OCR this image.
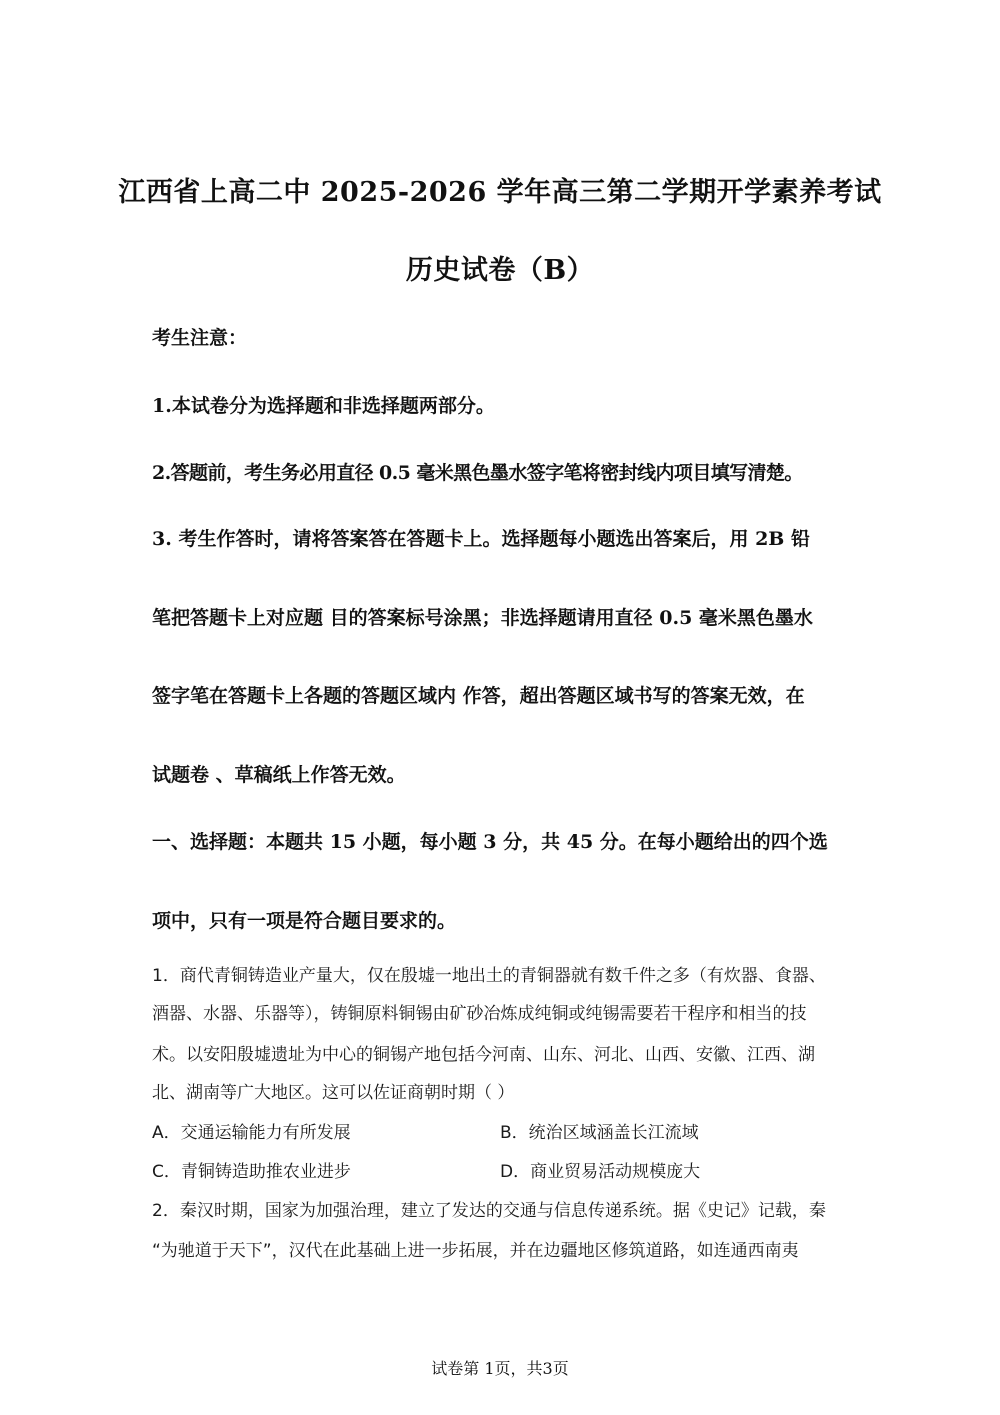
江西省上高二中 2025-2026 学年高三第二学期开学素养考试
历史试卷（B）
考生注意：
1.本试卷分为选择题和非选择题两部分。
2.答题前，考生务必用直径 0.5 毫米黑色墨水签字笔将密封线内项目填写清楚。
3. 考生作答时，请将答案答在答题卡上。选择题每小题选出答案后，用 2B 铅
笔把答题卡上对应题 目的答案标号涂黑；非选择题请用直径 0.5 毫米黑色墨水
签字笔在答题卡上各题的答题区域内 作答，超出答题区域书写的答案无效，在
试题卷 、草稿纸上作答无效。
一、选择题：本题共 15 小题，每小题 3 分，共 45 分。在每小题给出的四个选
项中，只有一项是符合题目要求的。
1．商代青铜铸造业产量大，仅在殷墟一地出土的青铜器就有数千件之多（有炊器、食器、
酒器、水器、乐器等），铸铜原料铜锡由矿砂冶炼成纯铜或纯锡需要若干程序和相当的技
术。以安阳殷墟遗址为中心的铜锡产地包括今河南、山东、河北、山西、安徽、江西、湖
北、湖南等广大地区。这可以佐证商朝时期（ ）
A．交通运输能力有所发展	B．统治区域涵盖长江流域
C．青铜铸造助推农业进步	D．商业贸易活动规模庞大
2．秦汉时期，国家为加强治理，建立了发达的交通与信息传递系统。据《史记》记载，秦
“为驰道于天下”，汉代在此基础上进一步拓展，并在边疆地区修筑道路，如连通西南夷
试卷第 1页，共3页
